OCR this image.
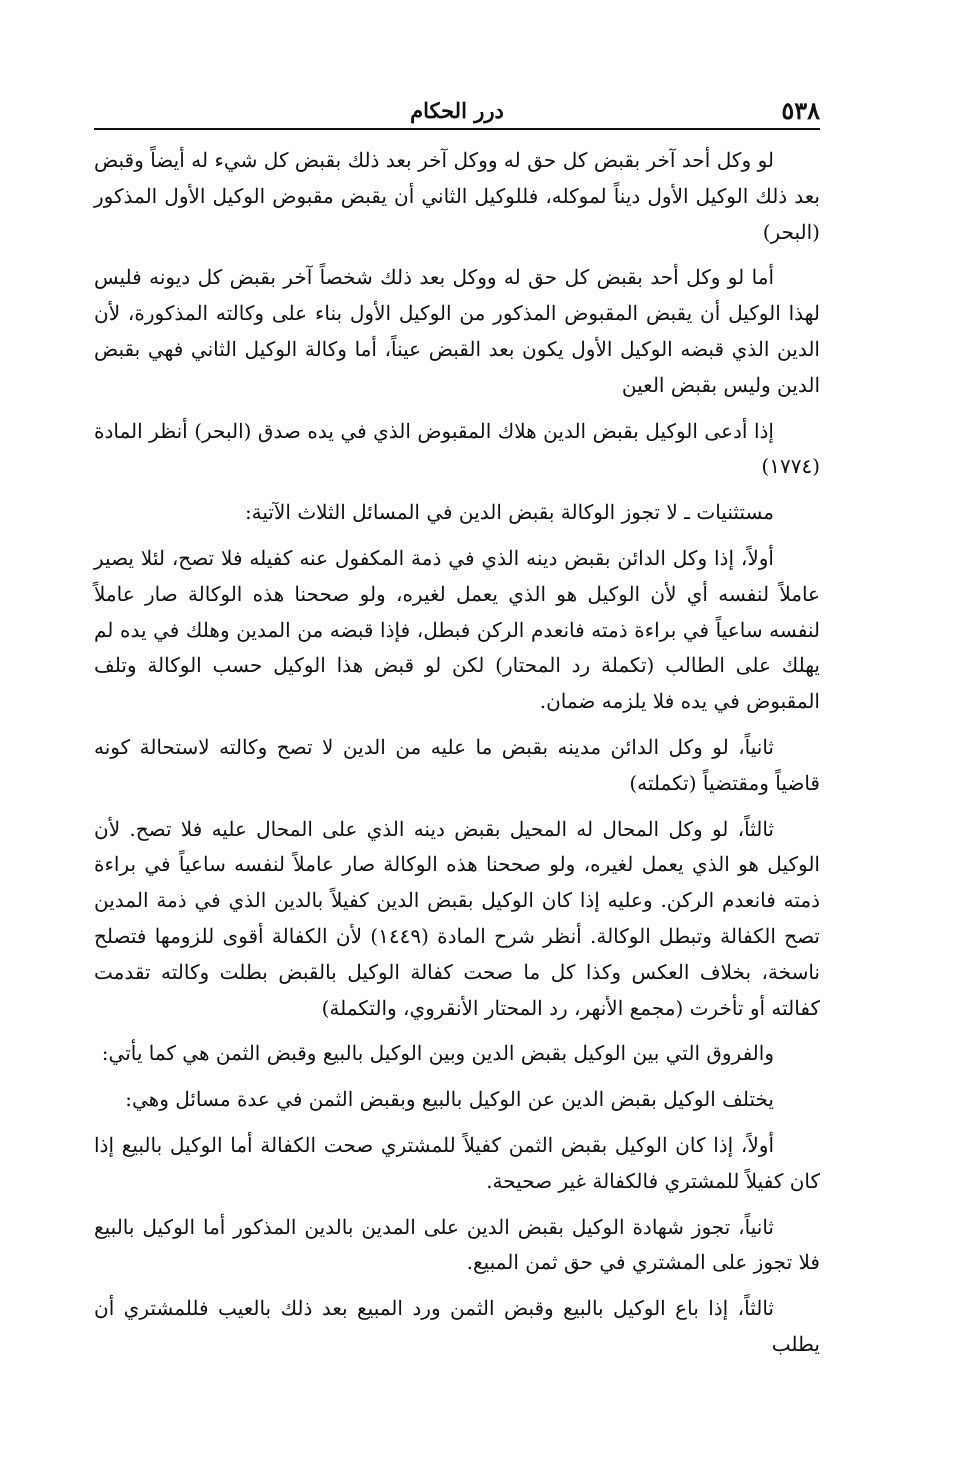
٥٣٨
درر الحكام

لو وكل أحد آخر بقبض كل حق له ووكل آخر بعد ذلك بقبض كل شيء له أيضاً وقبض بعد ذلك الوكيل الأول ديناً لموكله، فللوكيل الثاني أن يقبض مقبوض الوكيل الأول المذكور (البحر)

أما لو وكل أحد بقبض كل حق له ووكل بعد ذلك شخصاً آخر بقبض كل ديونه فليس لهذا الوكيل أن يقبض المقبوض المذكور من الوكيل الأول بناء على وكالته المذكورة، لأن الدين الذي قبضه الوكيل الأول يكون بعد القبض عيناً، أما وكالة الوكيل الثاني فهي بقبض الدين وليس بقبض العين

إذا أدعى الوكيل بقبض الدين هلاك المقبوض الذي في يده صدق (البحر) أنظر المادة (١٧٧٤)

مستثنيات ـ لا تجوز الوكالة بقبض الدين في المسائل الثلاث الآتية:

أولاً، إذا وكل الدائن بقبض دينه الذي في ذمة المكفول عنه كفيله فلا تصح، لئلا يصير عاملاً لنفسه أي لأن الوكيل هو الذي يعمل لغيره، ولو صححنا هذه الوكالة صار عاملاً لنفسه ساعياً في براءة ذمته فانعدم الركن فبطل، فإذا قبضه من المدين وهلك في يده لم يهلك على الطالب (تكملة رد المحتار) لكن لو قبض هذا الوكيل حسب الوكالة وتلف المقبوض في يده فلا يلزمه ضمان.

ثانياً، لو وكل الدائن مدينه بقبض ما عليه من الدين لا تصح وكالته لاستحالة كونه قاضياً ومقتضياً (تكملته)

ثالثاً، لو وكل المحال له المحيل بقبض دينه الذي على المحال عليه فلا تصح. لأن الوكيل هو الذي يعمل لغيره، ولو صححنا هذه الوكالة صار عاملاً لنفسه ساعياً في براءة ذمته فانعدم الركن. وعليه إذا كان الوكيل بقبض الدين كفيلاً بالدين الذي في ذمة المدين تصح الكفالة وتبطل الوكالة. أنظر شرح المادة (١٤٤٩) لأن الكفالة أقوى للزومها فتصلح ناسخة، بخلاف العكس وكذا كل ما صحت كفالة الوكيل بالقبض بطلت وكالته تقدمت كفالته أو تأخرت (مجمع الأنهر، رد المحتار الأنقروي، والتكملة)

والفروق التي بين الوكيل بقبض الدين وبين الوكيل بالبيع وقبض الثمن هي كما يأتي:

يختلف الوكيل بقبض الدين عن الوكيل بالبيع وبقبض الثمن في عدة مسائل وهي:

أولاً، إذا كان الوكيل بقبض الثمن كفيلاً للمشتري صحت الكفالة أما الوكيل بالبيع إذا كان كفيلاً للمشتري فالكفالة غير صحيحة.

ثانياً، تجوز شهادة الوكيل بقبض الدين على المدين بالدين المذكور أما الوكيل بالبيع فلا تجوز على المشتري في حق ثمن المبيع.

ثالثاً، إذا باع الوكيل بالبيع وقبض الثمن ورد المبيع بعد ذلك بالعيب فللمشتري أن يطلب
